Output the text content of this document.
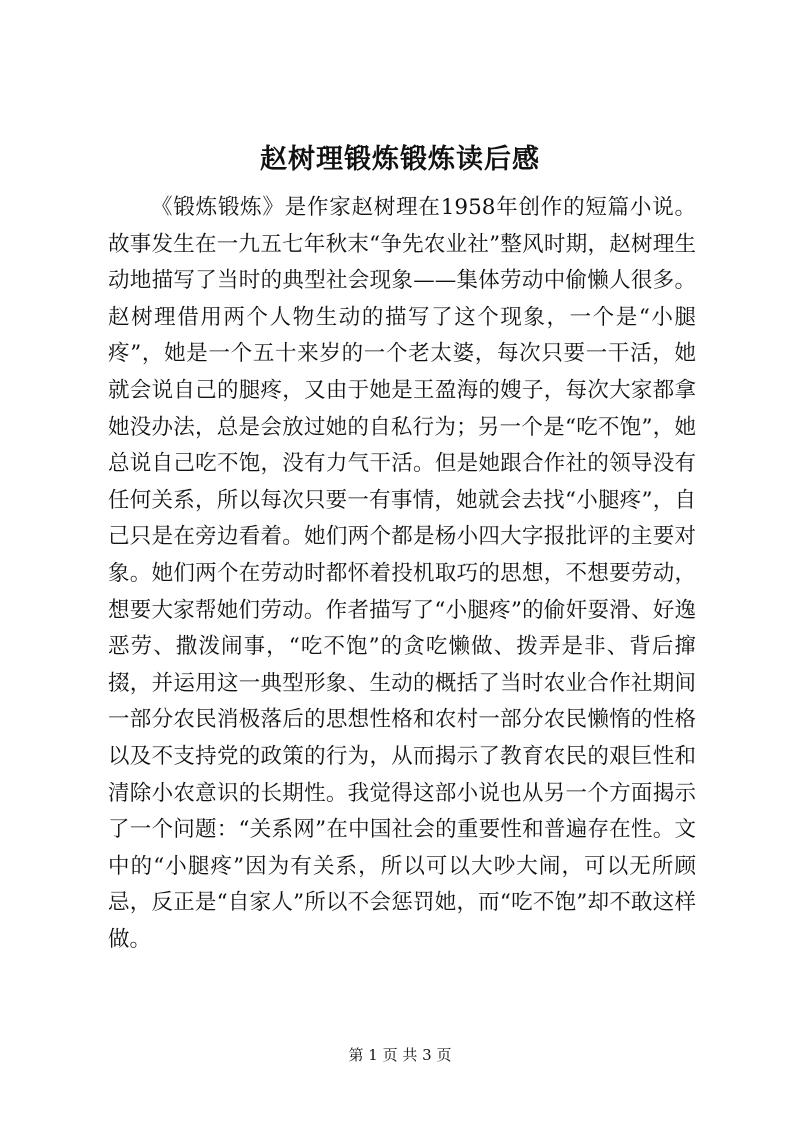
赵树理锻炼锻炼读后感

《锻炼锻炼》是作家赵树理在1958年创作的短篇小说。故事发生在一九五七年秋末“争先农业社”整风时期，赵树理生动地描写了当时的典型社会现象——集体劳动中偷懒人很多。赵树理借用两个人物生动的描写了这个现象，一个是“小腿疼”，她是一个五十来岁的一个老太婆，每次只要一干活，她就会说自己的腿疼，又由于她是王盈海的嫂子，每次大家都拿她没办法，总是会放过她的自私行为；另一个是“吃不饱”，她总说自己吃不饱，没有力气干活。但是她跟合作社的领导没有任何关系，所以每次只要一有事情，她就会去找“小腿疼”，自己只是在旁边看着。她们两个都是杨小四大字报批评的主要对象。她们两个在劳动时都怀着投机取巧的思想，不想要劳动，想要大家帮她们劳动。作者描写了“小腿疼”的偷奸耍滑、好逸恶劳、撒泼闹事，“吃不饱”的贪吃懒做、拨弄是非、背后撺掇，并运用这一典型形象、生动的概括了当时农业合作社期间一部分农民消极落后的思想性格和农村一部分农民懒惰的性格以及不支持党的政策的行为，从而揭示了教育农民的艰巨性和清除小农意识的长期性。我觉得这部小说也从另一个方面揭示了一个问题：“关系网”在中国社会的重要性和普遍存在性。文中的“小腿疼”因为有关系，所以可以大吵大闹，可以无所顾忌，反正是“自家人”所以不会惩罚她，而“吃不饱”却不敢这样做。

第 1 页 共 3 页
